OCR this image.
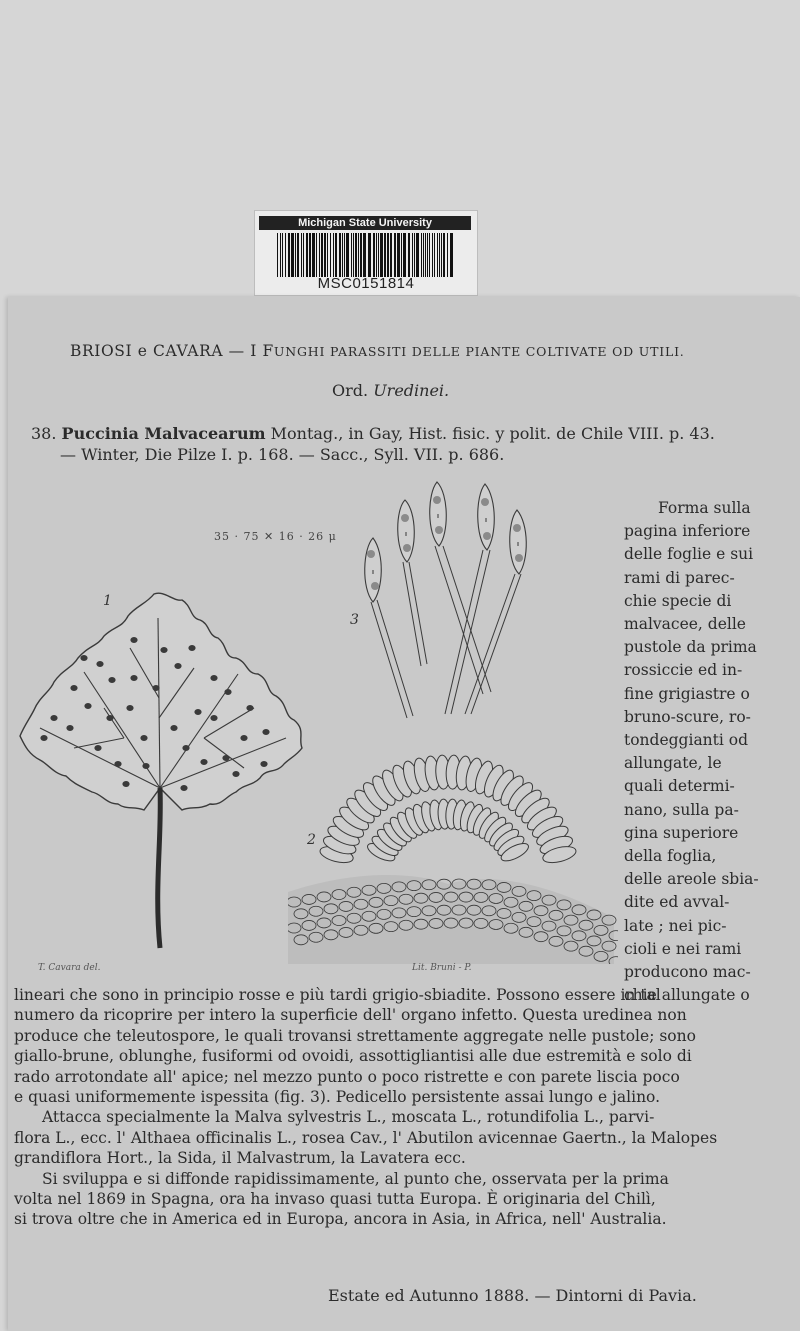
Michigan State University
MSC0151814
BRIOSI e CAVARA — I FUNGHI PARASSITI DELLE PIANTE COLTIVATE OD UTILI.
Ord. Uredinei.
38. Puccinia Malvacearum Montag., in Gay, Hist. fisic. y polit. de Chile VIII. p. 43.
— Winter, Die Pilze I. p. 168. — Sacc., Syll. VII. p. 686.
35 · 75 ✕ 16 · 26 μ
1
3
2
T. Cavara del.	Lit. Bruni - P.
Forma sulla
pagina inferiore
delle foglie e sui
rami di parec-
chie specie di
malvacee, delle
pustole da prima
rossiccie ed in-
fine grigiastre o
bruno-scure, ro-
tondeggianti od
allungate, le
quali determi-
nano, sulla pa-
gina superiore
della foglia,
delle areole sbia-
dite ed avval-
late ; nei pic-
cioli e nei rami
producono mac-
chie allungate o
lineari che sono in principio rosse e più tardi grigio-sbiadite. Possono essere in tal
numero da ricoprire per intero la superficie dell' organo infetto. Questa uredinea non
produce che teleutospore, le quali trovansi strettamente aggregate nelle pustole; sono
giallo-brune, oblunghe, fusiformi od ovoidi, assottigliantisi alle due estremità e solo di
rado arrotondate all' apice; nel mezzo punto o poco ristrette e con parete liscia poco
e quasi uniformemente ispessita (fig. 3). Pedicello persistente assai lungo e jalino.
Attacca specialmente la Malva sylvestris L., moscata L., rotundifolia L., parvi-
flora L., ecc. l' Althaea officinalis L., rosea Cav., l' Abutilon avicennae Gaertn., la Malopes
grandiflora Hort., la Sida, il Malvastrum, la Lavatera ecc.
Si sviluppa e si diffonde rapidissimamente, al punto che, osservata per la prima
volta nel 1869 in Spagna, ora ha invaso quasi tutta Europa. È originaria del Chilì,
si trova oltre che in America ed in Europa, ancora in Asia, in Africa, nell' Australia.
Estate ed Autunno 1888. — Dintorni di Pavia.
